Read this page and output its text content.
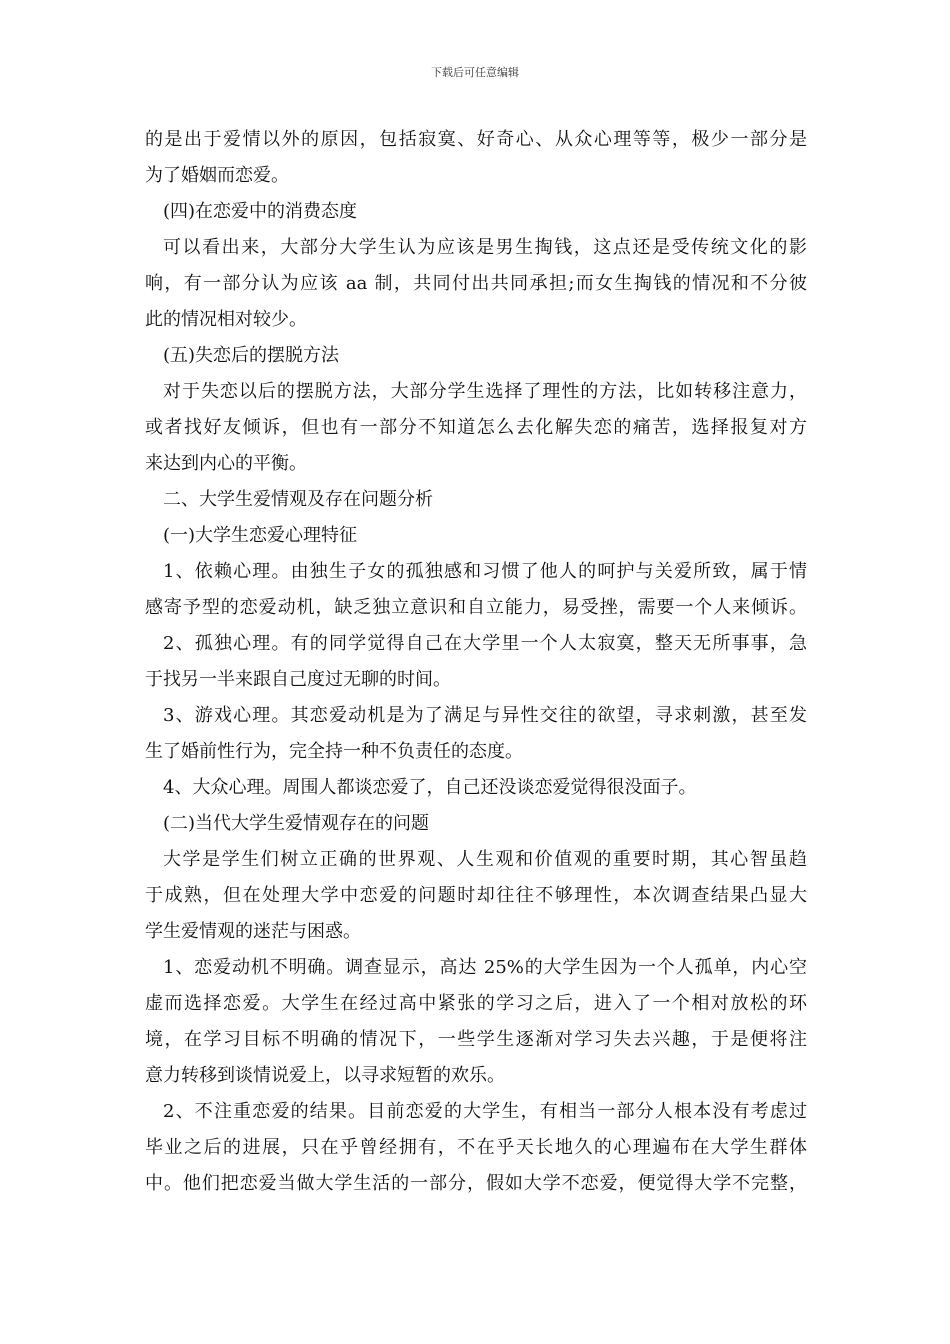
下载后可任意编辑

的是出于爱情以外的原因，包括寂寞、好奇心、从众心理等等，极少一部分是

为了婚姻而恋爱。

(四)在恋爱中的消费态度

可以看出来，大部分大学生认为应该是男生掏钱，这点还是受传统文化的影

响，有一部分认为应该 aa 制，共同付出共同承担;而女生掏钱的情况和不分彼

此的情况相对较少。

(五)失恋后的摆脱方法

对于失恋以后的摆脱方法，大部分学生选择了理性的方法，比如转移注意力，

或者找好友倾诉，但也有一部分不知道怎么去化解失恋的痛苦，选择报复对方

来达到内心的平衡。

二、大学生爱情观及存在问题分析

(一)大学生恋爱心理特征

1、依赖心理。由独生子女的孤独感和习惯了他人的呵护与关爱所致，属于情

感寄予型的恋爱动机，缺乏独立意识和自立能力，易受挫，需要一个人来倾诉。

2、孤独心理。有的同学觉得自己在大学里一个人太寂寞，整天无所事事，急

于找另一半来跟自己度过无聊的时间。

3、游戏心理。其恋爱动机是为了满足与异性交往的欲望，寻求刺激，甚至发

生了婚前性行为，完全持一种不负责任的态度。

4、大众心理。周围人都谈恋爱了，自己还没谈恋爱觉得很没面子。

(二)当代大学生爱情观存在的问题

大学是学生们树立正确的世界观、人生观和价值观的重要时期，其心智虽趋

于成熟，但在处理大学中恋爱的问题时却往往不够理性，本次调查结果凸显大

学生爱情观的迷茫与困惑。

1、恋爱动机不明确。调查显示，高达 25%的大学生因为一个人孤单，内心空

虚而选择恋爱。大学生在经过高中紧张的学习之后，进入了一个相对放松的环

境，在学习目标不明确的情况下，一些学生逐渐对学习失去兴趣，于是便将注

意力转移到谈情说爱上，以寻求短暂的欢乐。

2、不注重恋爱的结果。目前恋爱的大学生，有相当一部分人根本没有考虑过

毕业之后的进展，只在乎曾经拥有，不在乎天长地久的心理遍布在大学生群体

中。他们把恋爱当做大学生活的一部分，假如大学不恋爱，便觉得大学不完整，
